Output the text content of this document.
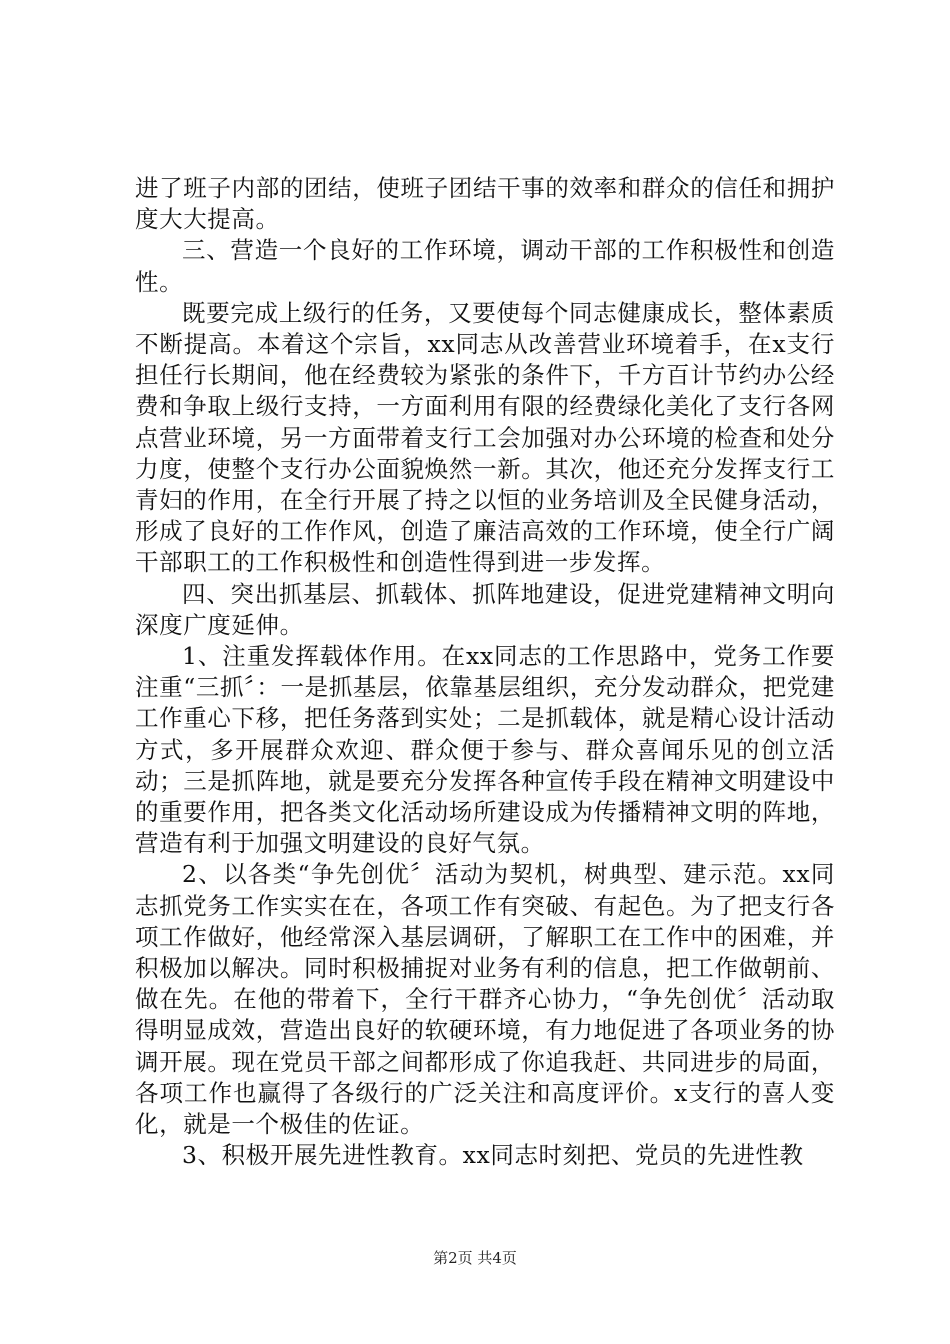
进了班子内部的团结，使班子团结干事的效率和群众的信任和拥护度大大提高。

三、营造一个良好的工作环境，调动干部的工作积极性和创造性。

既要完成上级行的任务，又要使每个同志健康成长，整体素质不断提高。本着这个宗旨，xx同志从改善营业环境着手，在x支行担任行长期间，他在经费较为紧张的条件下，千方百计节约办公经费和争取上级行支持，一方面利用有限的经费绿化美化了支行各网点营业环境，另一方面带着支行工会加强对办公环境的检查和处分力度，使整个支行办公面貌焕然一新。其次，他还充分发挥支行工青妇的作用，在全行开展了持之以恒的业务培训及全民健身活动，形成了良好的工作作风，创造了廉洁高效的工作环境，使全行广阔干部职工的工作积极性和创造性得到进一步发挥。

四、突出抓基层、抓载体、抓阵地建设，促进党建精神文明向深度广度延伸。

1、注重发挥载体作用。在xx同志的工作思路中，党务工作要注重“三抓〞：一是抓基层，依靠基层组织，充分发动群众，把党建工作重心下移，把任务落到实处；二是抓载体，就是精心设计活动方式，多开展群众欢迎、群众便于参与、群众喜闻乐见的创立活动；三是抓阵地，就是要充分发挥各种宣传手段在精神文明建设中的重要作用，把各类文化活动场所建设成为传播精神文明的阵地，营造有利于加强文明建设的良好气氛。

2、以各类“争先创优〞活动为契机，树典型、建示范。xx同志抓党务工作实实在在，各项工作有突破、有起色。为了把支行各项工作做好，他经常深入基层调研，了解职工在工作中的困难，并积极加以解决。同时积极捕捉对业务有利的信息，把工作做朝前、做在先。在他的带着下，全行干群齐心协力，“争先创优〞活动取得明显成效，营造出良好的软硬环境，有力地促进了各项业务的协调开展。现在党员干部之间都形成了你追我赶、共同进步的局面，各项工作也赢得了各级行的广泛关注和高度评价。x支行的喜人变化，就是一个极佳的佐证。

3、积极开展先进性教育。xx同志时刻把、党员的先进性教

第2页 共4页
